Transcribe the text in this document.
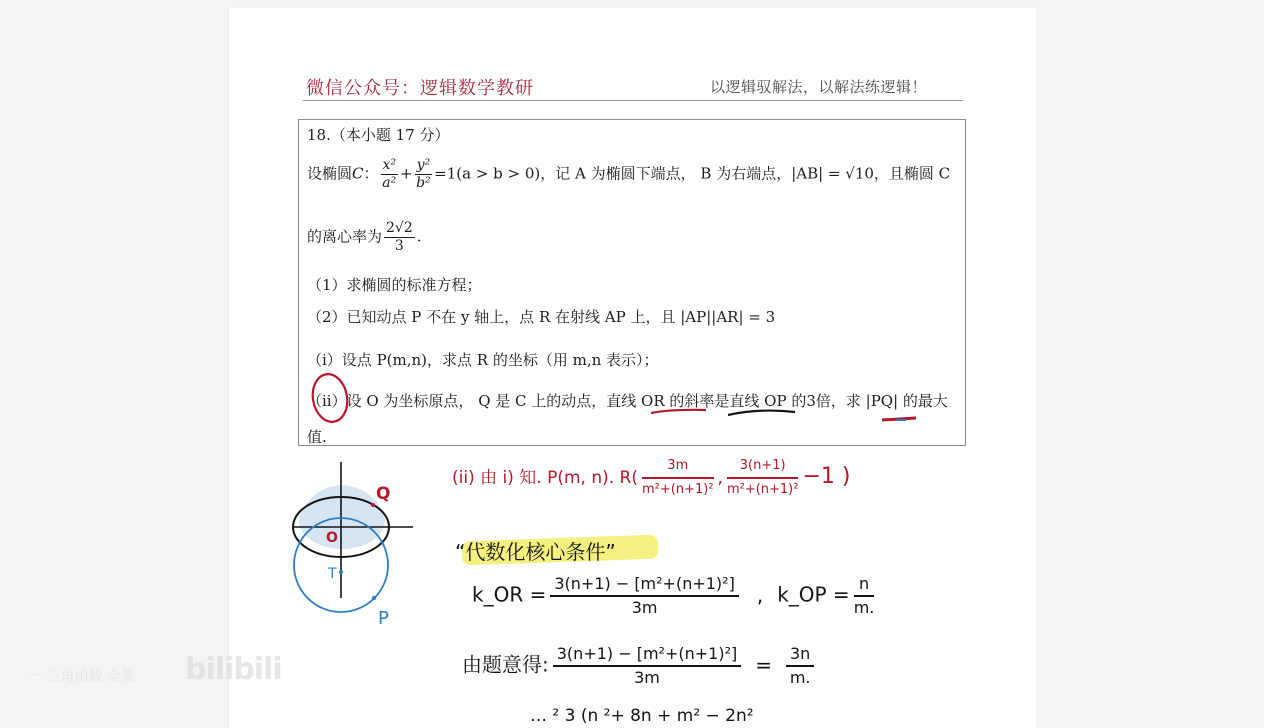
微信公众号：逻辑数学教研	以逻辑驭解法，以解法练逻辑！
18.（本小题 17 分）
设椭圆C： $\frac{\text{x²}}{\text{a²}} + \frac{\text{y²}}{\text{b²}} =1(a > b > 0)$，记 A 为椭圆下端点， B 为右端点，|AB| = √10，且椭圆 C
的离心率为 $\frac{2√2}{3}$ .
（1）求椭圆的标准方程；
（2）已知动点 P 不在 y 轴上，点 R 在射线 AP 上，且 |AP||AR| = 3
（i）设点 P(m,n)，求点 R 的坐标（用 m,n 表示）；
（ii）设 O 为坐标原点， Q 是 C 上的动点，直线 OR 的斜率是直线 OP 的3倍，求 |PQ| 的最大
值.
Q
O
T
P
(ii) 由 i) 知. P(m, n). $R( \frac{3m}{\text{m²+(n+1)²}}$ , $\frac{3(n+1)}{\text{m²+(n+1)²}} -1$ )
“代数化核心条件”
k_OR = $\frac{\text{3(n+1) − [m²+(n+1)²]}}{3m}$ , k_OP = $\frac{n}{m.}$
由题意得: $\frac{\text{3(n+1) − [m²+(n+1)²]}}{3m} = \frac{3n}{m.}$
… ² 3 (n ²+ 8n + m² − 2n²
一 三角函数 全集 bilibili
